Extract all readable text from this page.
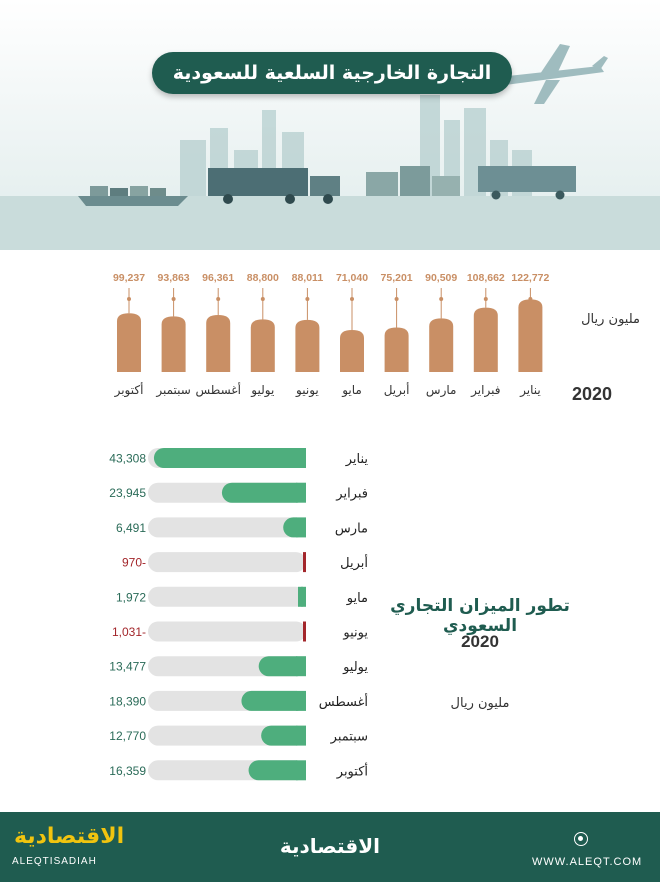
التجارة الخارجية السلعية للسعودية
122,772
يناير
108,662
فبراير
90,509
مارس
75,201
أبريل
71,040
مايو
88,011
يونيو
88,800
يوليو
96,361
أغسطس
93,863
سبتمبر
99,237
أكتوبر
مليون ريال
2020
43,308	يناير
23,945	فبراير
6,491	مارس
970-	أبريل
1,972	مايو
1,031-	يونيو
13,477	يوليو
18,390	أغسطس
12,770	سبتمبر
16,359	أكتوبر
تطور الميزان التجاري السعودي
2020
مليون ريال
الاقتصادية
ALEQTISADIAH
الاقتصادية
WWW.ALEQT.COM
